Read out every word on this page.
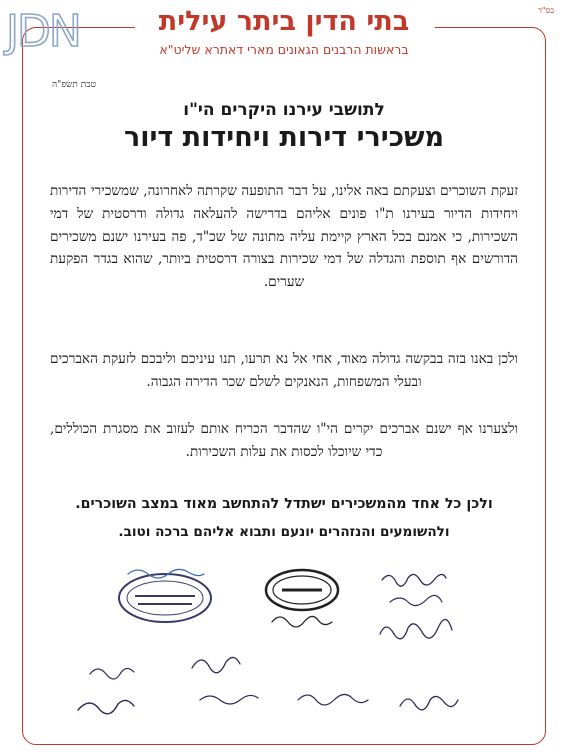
JDN	בס"ד
בתי הדין ביתר עילית
בראשות הרבנים הגאונים מארי דאתרא שליט"א
טבת תשפ"ה
לתושבי עירנו היקרים הי"ו
משכירי דירות ויחידות דיור
זעקת השוכרים וצעקתם באה אלינו, על דבר התופעה שקרתה לאחרונה, שמשכירי הדירות ויחידות הדיור בעירנו ת"ו פונים אליהם בדרישה להעלאה גדולה ודרסטית של דמי השכירות, כי אמנם בכל הארץ קיימת עליה מתונה של שכ"ד, פה בעירנו ישנם משכירים הדורשים אף תוספת והגדלה של דמי שכירות בצורה דרסטית ביותר, שהוא בגדר הפקעת שערים.
ולכן באנו בזה בבקשה גדולה מאוד, אחי אל נא תרעו, תנו עיניכם וליבכם לזעקת האברכים ובעלי המשפחות, הנאנקים לשלם שכר הדירה הגבוה.
ולצערנו אף ישנם אברכים יקרים הי"ו שהדבר הכריח אותם לעזוב את מסגרת הכוללים, כדי שיוכלו לכסות את עלות השכירות.
ולכן כל אחד מהמשכירים ישתדל להתחשב מאוד במצב השוכרים.
ולהשומעים והנזהרים יונעם ותבוא אליהם ברכה וטוב.
